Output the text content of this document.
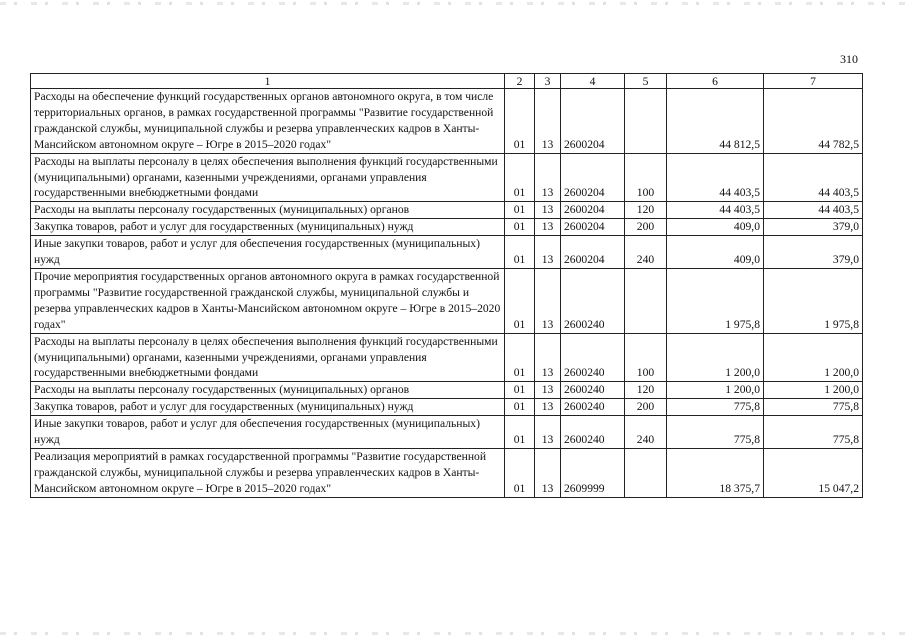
310
1	2	3	4	5	6	7
Расходы на обеспечение функций государственных органов автономного округа, в том числе территориальных органов, в рамках государственной программы "Развитие государственной гражданской службы, муниципальной службы и резерва управленческих кадров в Ханты-Мансийском автономном округе – Югре в 2015–2020 годах"	01	13	2600204		44 812,5	44 782,5
Расходы на выплаты персоналу в целях обеспечения выполнения функций государственными (муниципальными) органами, казенными учреждениями, органами управления государственными внебюджетными фондами	01	13	2600204	100	44 403,5	44 403,5
Расходы на выплаты персоналу государственных (муниципальных) органов	01	13	2600204	120	44 403,5	44 403,5
Закупка товаров, работ и услуг для государственных (муниципальных) нужд	01	13	2600204	200	409,0	379,0
Иные закупки товаров, работ и услуг для обеспечения государственных (муниципальных) нужд	01	13	2600204	240	409,0	379,0
Прочие мероприятия государственных органов автономного округа в рамках государственной программы "Развитие государственной гражданской службы, муниципальной службы и резерва управленческих кадров в Ханты-Мансийском автономном округе – Югре в 2015–2020 годах"	01	13	2600240		1 975,8	1 975,8
Расходы на выплаты персоналу в целях обеспечения выполнения функций государственными (муниципальными) органами, казенными учреждениями, органами управления государственными внебюджетными фондами	01	13	2600240	100	1 200,0	1 200,0
Расходы на выплаты персоналу государственных (муниципальных) органов	01	13	2600240	120	1 200,0	1 200,0
Закупка товаров, работ и услуг для государственных (муниципальных) нужд	01	13	2600240	200	775,8	775,8
Иные закупки товаров, работ и услуг для обеспечения государственных (муниципальных) нужд	01	13	2600240	240	775,8	775,8
Реализация мероприятий в рамках государственной программы "Развитие государственной гражданской службы, муниципальной службы и резерва управленческих кадров в Ханты-Мансийском автономном округе – Югре в 2015–2020 годах"	01	13	2609999		18 375,7	15 047,2
